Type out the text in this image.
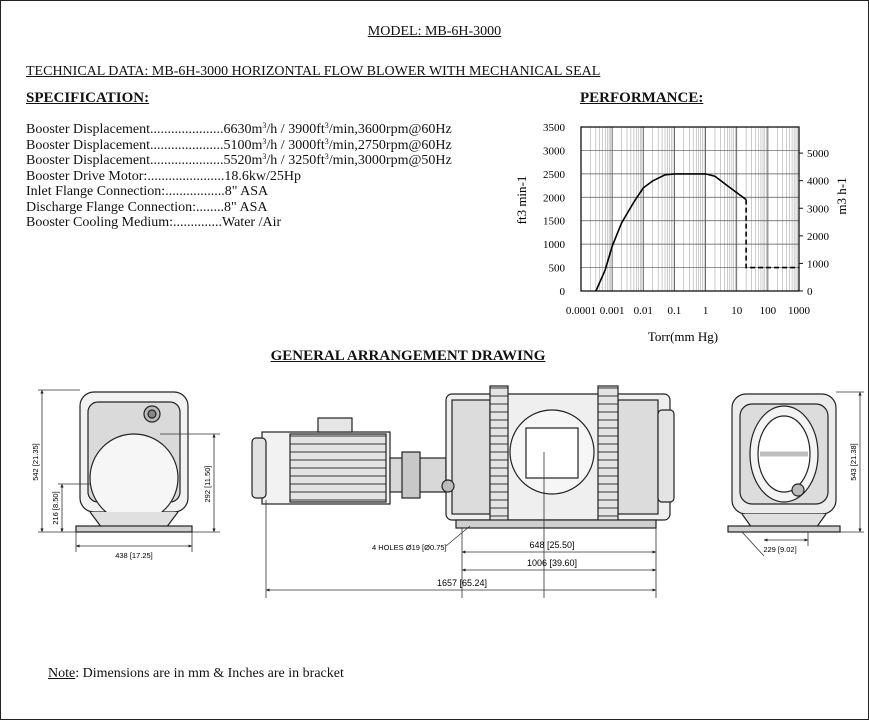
MODEL: MB-6H-3000
TECHNICAL DATA: MB-6H-3000 HORIZONTAL FLOW BLOWER WITH MECHANICAL SEAL
SPECIFICATION:	PERFORMANCE:
Booster $Displacement.....................6630m^3/h$ / $3900ft^3/\min,3600rpm@60Hz$
Booster $Displacement.....................5100m^3/h$ / $3000ft^3/\min,2750rpm@60Hz$
Booster $Displacement.....................5520m^3/h$ / $3250ft^3/\min,3000rpm@50Hz$
Booster Drive Motor:......................18.6kw/25Hp
Inlet Flange Connection:.................8" ASA
Discharge Flange Connection:........8" ASA
Booster Cooling Medium:..............Water /Air
0.0001 0.001 0.01 0.1 1 10 100 1000
0
500
1000
1500
2000
2500
3000
3500
0
1000
2000
3000
4000
5000
ft3 min-1	m3 h-1
Torr(mm Hg)
GENERAL ARRANGEMENT DRAWING
542 [21.35]
216 [8.50]
292 [11.50]
438 [17.25]
4 HOLES Ø19 [Ø0.75]	648 [25.50]
1006 [39.60]
1657 [65.24]
543 [21.38]
229 [9.02]
Note: Dimensions are in mm & Inches are in bracket
